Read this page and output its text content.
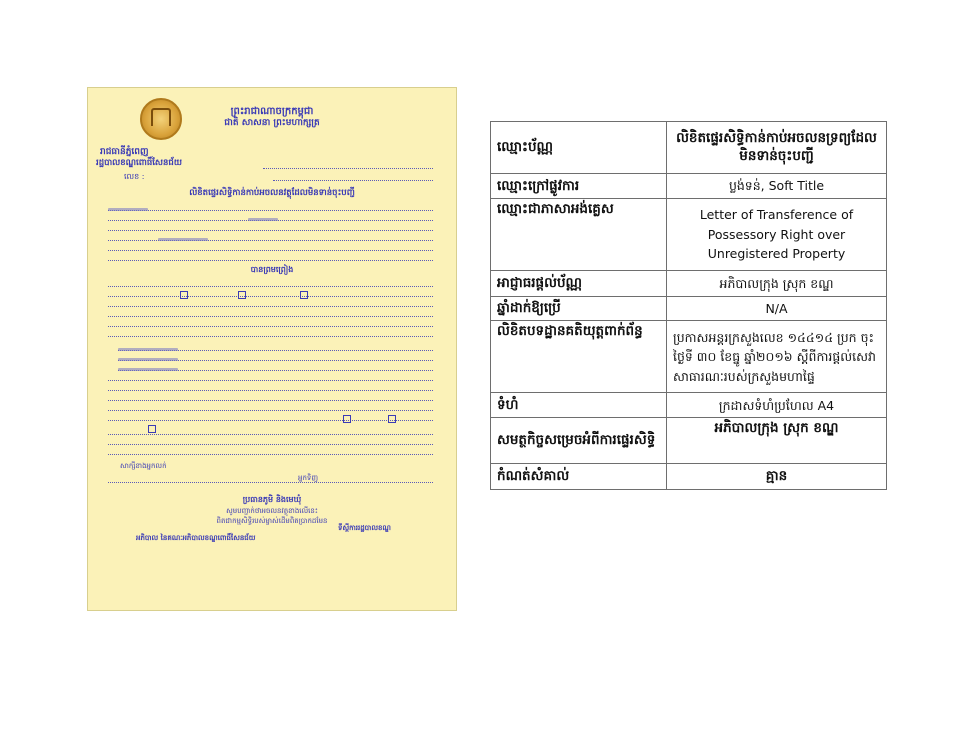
ព្រះរាជាណាចក្រកម្ពុជា
ជាតិ សាសនា ព្រះមហាក្សត្រ
រាជធានីភ្នំពេញ
រដ្ឋបាលខណ្ឌពោធិ៍សែនជ័យ
លេខ :
លិខិតផ្ទេរសិទ្ធិកាន់កាប់អចលនវត្ថុដែលមិនទាន់ចុះបញ្ជី
បានព្រមព្រៀង
សាក្សីខាងអ្នកលក់
អ្នកទិញ
ប្រធានភូមិ និងមេឃុំ
សូមបញ្ជាក់ថាអចលនវត្ថុខាងលើនេះ
ពិតជាកម្មសិទ្ធិរបស់ម្ចាស់ដើមពិតប្រាកដមែន
អភិបាល នៃគណៈអភិបាលខណ្ឌពោធិ៍សែនជ័យ
ទីស្តីការរដ្ឋបាលខណ្ឌ
ឈ្មោះប័ណ្ណ	លិខិតផ្ទេរសិទ្ធិកាន់កាប់អចលនទ្រព្យដែលមិនទាន់ចុះបញ្ជី
ឈ្មោះក្រៅផ្លូវការ	ប្លង់ទន់, Soft Title
ឈ្មោះជាភាសាអង់គ្លេស	Letter of Transference of Possessory Right over Unregistered Property
អាជ្ញាធរផ្តល់ប័ណ្ណ	អភិបាលក្រុង ស្រុក ខណ្ឌ
ឆ្នាំដាក់ឱ្យប្រើ	N/A
លិខិតបទដ្ឋានគតិយុត្តពាក់ព័ន្ធ	ប្រកាសអន្តរក្រសួងលេខ ១៤៤១៤ ប្រក ចុះថ្ងៃទី ៣០ ខែធ្នូ ឆ្នាំ២០១៦ ស្តីពីការផ្តល់សេវាសាធារណៈរបស់ក្រសួងមហាផ្ទៃ
ទំហំ	ក្រដាសទំហំប្រហែល A4
សមត្ថកិច្ចសម្រេចអំពីការផ្ទេរសិទ្ធិ	អភិបាលក្រុង ស្រុក ខណ្ឌ
កំណត់សំគាល់	គ្មាន
